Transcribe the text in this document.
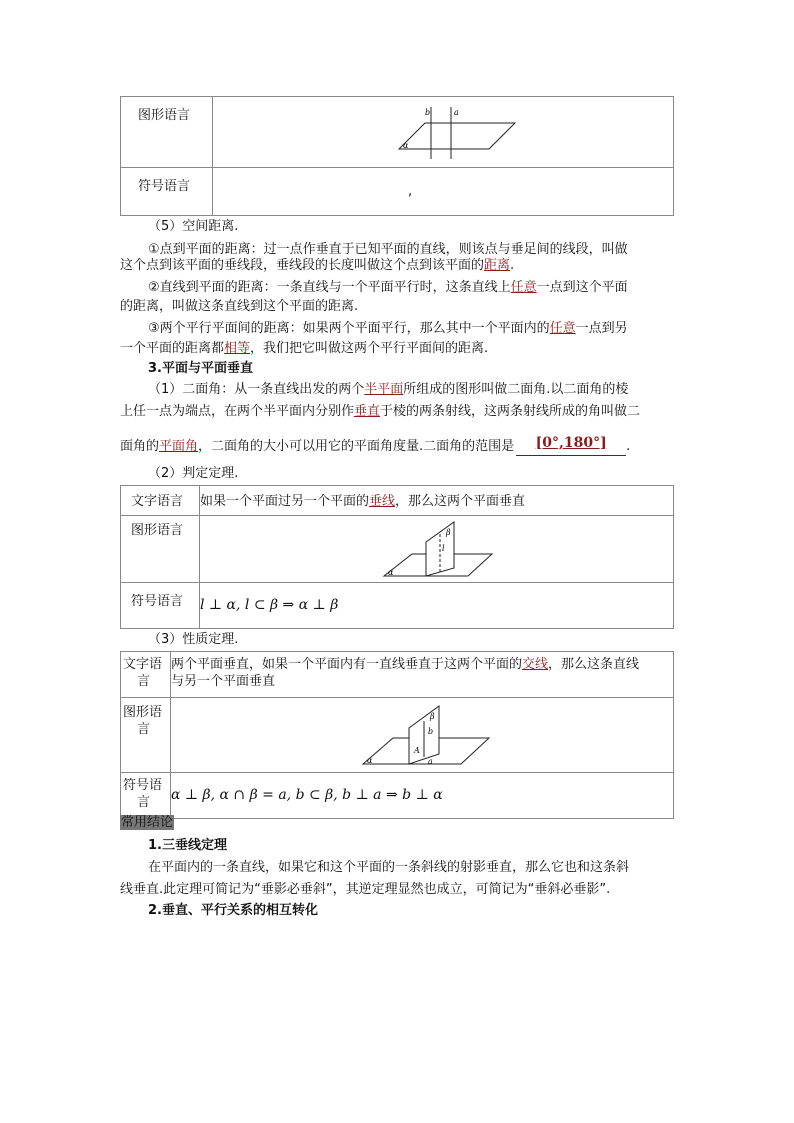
图形语言	b a
α

符号语言	,
（5）空间距离.
①点到平面的距离：过一点作垂直于已知平面的直线，则该点与垂足间的线段，叫做
这个点到该平面的垂线段，垂线段的长度叫做这个点到该平面的距离.
②直线到平面的距离：一条直线与一个平面平行时，这条直线上任意一点到这个平面
的距离，叫做这条直线到这个平面的距离.
③两个平行平面间的距离：如果两个平面平行，那么其中一个平面内的任意一点到另
一个平面的距离都相等，我们把它叫做这两个平行平面间的距离.
3.平面与平面垂直
（1）二面角：从一条直线出发的两个半平面所组成的图形叫做二面角.以二面角的棱
上任一点为端点，在两个半平面内分别作垂直于棱的两条射线，这两条射线所成的角叫做二
面角的平面角，二面角的大小可以用它的平面角度量.二面角的范围是 [0°,180°] .
（2）判定定理.
文字语言	如果一个平面过另一个平面的垂线，那么这两个平面垂直

图形语言	β
l
α

符号语言	l ⊥ α, l ⊂ β ⇒ α ⊥ β
（3）性质定理.
文字语
言	两个平面垂直，如果一个平面内有一直线垂直于这两个平面的交线，那么这条直线
与另一个平面垂直

图形语
言	β
b
A
a
α

符号语
言	α ⊥ β, α ∩ β = a, b ⊂ β, b ⊥ a ⇒ b ⊥ α
常用结论
1.三垂线定理
在平面内的一条直线，如果它和这个平面的一条斜线的射影垂直，那么它也和这条斜
线垂直.此定理可简记为“垂影必垂斜”，其逆定理显然也成立，可简记为“垂斜必垂影”.
2.垂直、平行关系的相互转化
